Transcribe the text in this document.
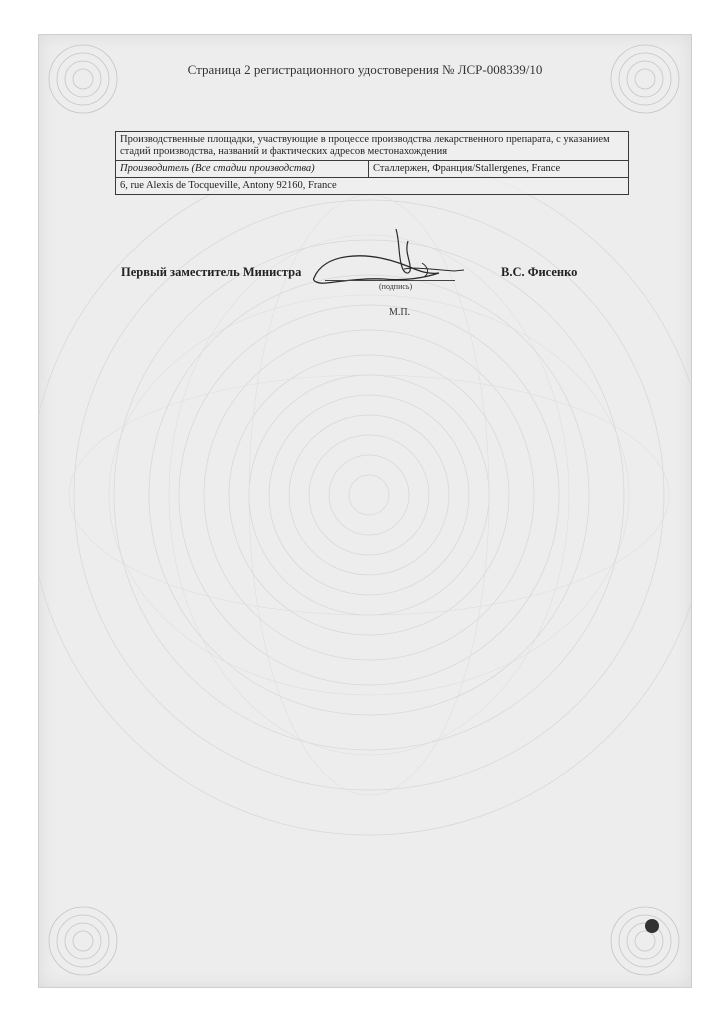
Страница 2 регистрационного удостоверения № ЛСР-008339/10
Производственные площадки, участвующие в процессе производства лекарственного препарата, с указанием стадий производства, названий и фактических адресов местонахождения
Производитель (Все стадии производства)	Сталлержен, Франция/Stallergenes, France
6, rue Alexis de Tocqueville, Antony 92160, France
Первый заместитель Министра
(подпись)
В.С. Фисенко
М.П.
